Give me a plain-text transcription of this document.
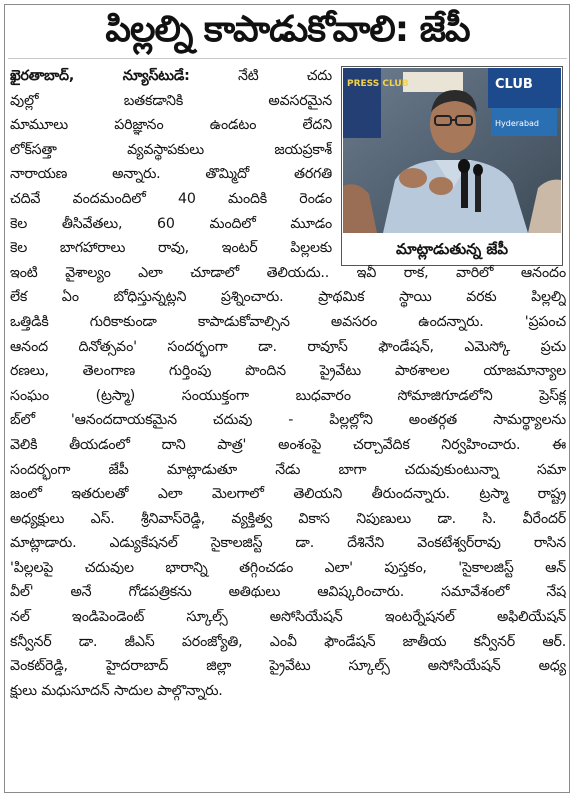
పిల్లల్ని కాపాడుకోవాలి: జేపీ
PRESS CLUB	CLUB
Hyderabad
మాట్లాడుతున్న జేపీ
ఖైరతాబాద్, న్యూస్‌టుడే:	నేటి చదు
వుల్లో బతకడానికి అవసరమైన
మామూలు పరిజ్ఞానం ఉండటం లేదని
లోక్‌సత్తా వ్యవస్థాపకులు జయప్రకాశ్
నారాయణ అన్నారు. తొమ్మిదో తరగతి
చదివే వందమందిలో 40 మందికి రెండం
కెల తీసివేతలు, 60 మందిలో మూడం
కెల బాగహారాలు రావు, ఇంటర్ పిల్లలకు
ఇంటి వైశాల్యం ఎలా చూడాలో తెలియదు.. ఇవీ రాక, వారిలో ఆనందం
లేక ఏం బోధిస్తున్నట్లని ప్రశ్నించారు. ప్రాథమిక స్థాయి వరకు పిల్లల్ని
ఒత్తిడికి గురికాకుండా కాపాడుకోవాల్సిన అవసరం ఉందన్నారు. 'ప్రపంచ
ఆనంద దినోత్సవం' సందర్భంగా డా. రావూస్ ఫౌండేషన్, ఎమెస్కో ప్రచు
రణలు, తెలంగాణ గుర్తింపు పొందిన ప్రైవేటు పాఠశాలల యాజమాన్యాల
సంఘం (ట్రస్మా) సంయుక్తంగా బుధవారం సోమాజిగూడలోని ప్రెస్‌క్ల
బ్‌లో 'ఆనందదాయకమైన చదువు - పిల్లల్లోని అంతర్గత సామర్థ్యాలను
వెలికి తీయడంలో దాని పాత్ర' అంశంపై చర్చావేదిక నిర్వహించారు. ఈ
సందర్భంగా జేపీ మాట్లాడుతూ నేడు బాగా చదువుకుంటున్నా సమా
జంలో ఇతరులతో ఎలా మెలగాలో తెలియని తీరుందన్నారు. ట్రస్మా రాష్ట్ర
అధ్యక్షులు ఎస్. శ్రీనివాస్‌రెడ్డి, వ్యక్తిత్వ వికాస నిపుణులు డా. సి. వీరేందర్
మాట్లాడారు. ఎడ్యుకేషనల్ సైకాలజిస్ట్ డా. దేశినేని వెంకటేశ్వర్‌రావు రాసిన
'పిల్లలపై చదువుల భారాన్ని తగ్గించడం ఎలా' పుస్తకం, 'సైకాలజిస్ట్ ఆన్
వీల్' అనే గోడపత్రికను అతిథులు ఆవిష్కరించారు. సమావేశంలో నేష
నల్ ఇండిపెండెంట్ స్కూల్స్ అసోసియేషన్ ఇంటర్నేషనల్ అఫిలియేషన్
కన్వీనర్ డా. జీఎస్ పరంజ్యోతి, ఎంవీ ఫౌండేషన్ జాతీయ కన్వీనర్ ఆర్.
వెంకట్‌రెడ్డి, హైదరాబాద్ జిల్లా ప్రైవేటు స్కూల్స్ అసోసియేషన్ అధ్య
క్షులు మధుసూదన్ సాదుల పాల్గొన్నారు.
